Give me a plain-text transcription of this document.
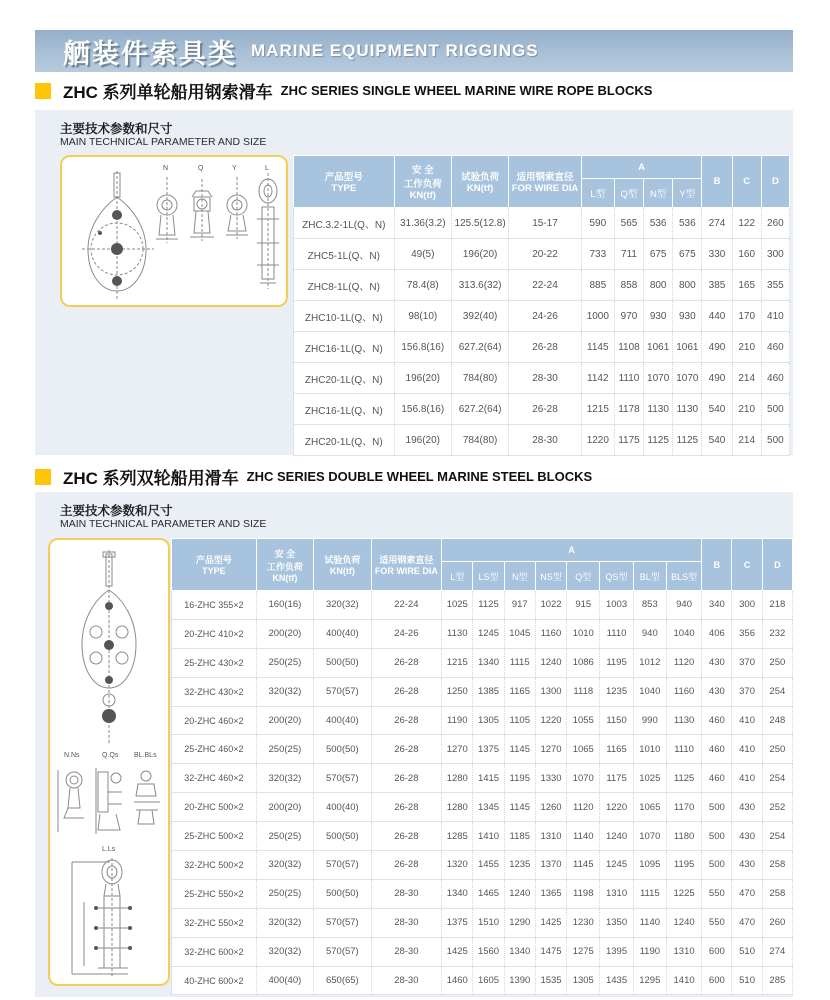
舾装件索具类 MARINE EQUIPMENT RIGGINGS
ZHC 系列单轮船用钢索滑车 ZHC SERIES SINGLE WHEEL MARINE WIRE ROPE BLOCKS
主要技术参数和尺寸
MAIN TECHNICAL PARAMETER AND SIZE
N	Q	Y	L
产品型号
TYPE	安 全
工作负荷
KN(tf)	试验负荷
KN(tf)	适用钢索直径
FOR WIRE DIA	A				B	C	D
				L型	Q型	N型	Y型			
ZHC.3.2-1L(Q、N)	31.36(3.2)	125.5(12.8)	15-17	590	565	536	536	274	122	260
ZHC5-1L(Q、N)	49(5)	196(20)	20-22	733	711	675	675	330	160	300
ZHC8-1L(Q、N)	78.4(8)	313.6(32)	22-24	885	858	800	800	385	165	355
ZHC10-1L(Q、N)	98(10)	392(40)	24-26	1000	970	930	930	440	170	410
ZHC16-1L(Q、N)	156.8(16)	627.2(64)	26-28	1145	1108	1061	1061	490	210	460
ZHC20-1L(Q、N)	196(20)	784(80)	28-30	1142	1110	1070	1070	490	214	460
ZHC16-1L(Q、N)	156.8(16)	627.2(64)	26-28	1215	1178	1130	1130	540	210	500
ZHC20-1L(Q、N)	196(20)	784(80)	28-30	1220	1175	1125	1125	540	214	500
ZHC 系列双轮船用滑车 ZHC SERIES DOUBLE WHEEL MARINE STEEL BLOCKS
主要技术参数和尺寸
MAIN TECHNICAL PARAMETER AND SIZE
N.Ns	Q.Qs BL.BLs
L.Ls
产品型号
TYPE	安 全
工作负荷
KN(tf)	试验负荷
KN(tf)	适用钢索直径
FOR WIRE DIA	A								B	C	D
				L型	LS型	N型	NS型	Q型	QS型	BL型	BLS型			
16-ZHC 355×2	160(16)	320(32)	22-24	1025	1125	917	1022	915	1003	853	940	340	300	218
20-ZHC 410×2	200(20)	400(40)	24-26	1130	1245	1045	1160	1010	1110	940	1040	406	356	232
25-ZHC 430×2	250(25)	500(50)	26-28	1215	1340	1115	1240	1086	1195	1012	1120	430	370	250
32-ZHC 430×2	320(32)	570(57)	26-28	1250	1385	1165	1300	1118	1235	1040	1160	430	370	254
20-ZHC 460×2	200(20)	400(40)	26-28	1190	1305	1105	1220	1055	1150	990	1130	460	410	248
25-ZHC 460×2	250(25)	500(50)	26-28	1270	1375	1145	1270	1065	1165	1010	1110	460	410	250
32-ZHC 460×2	320(32)	570(57)	26-28	1280	1415	1195	1330	1070	1175	1025	1125	460	410	254
20-ZHC 500×2	200(20)	400(40)	26-28	1280	1345	1145	1260	1120	1220	1065	1170	500	430	252
25-ZHC 500×2	250(25)	500(50)	26-28	1285	1410	1185	1310	1140	1240	1070	1180	500	430	254
32-ZHC 500×2	320(32)	570(57)	26-28	1320	1455	1235	1370	1145	1245	1095	1195	500	430	258
25-ZHC 550×2	250(25)	500(50)	28-30	1340	1465	1240	1365	1198	1310	1115	1225	550	470	258
32-ZHC 550×2	320(32)	570(57)	28-30	1375	1510	1290	1425	1230	1350	1140	1240	550	470	260
32-ZHC 600×2	320(32)	570(57)	28-30	1425	1560	1340	1475	1275	1395	1190	1310	600	510	274
40-ZHC 600×2	400(40)	650(65)	28-30	1460	1605	1390	1535	1305	1435	1295	1410	600	510	285
